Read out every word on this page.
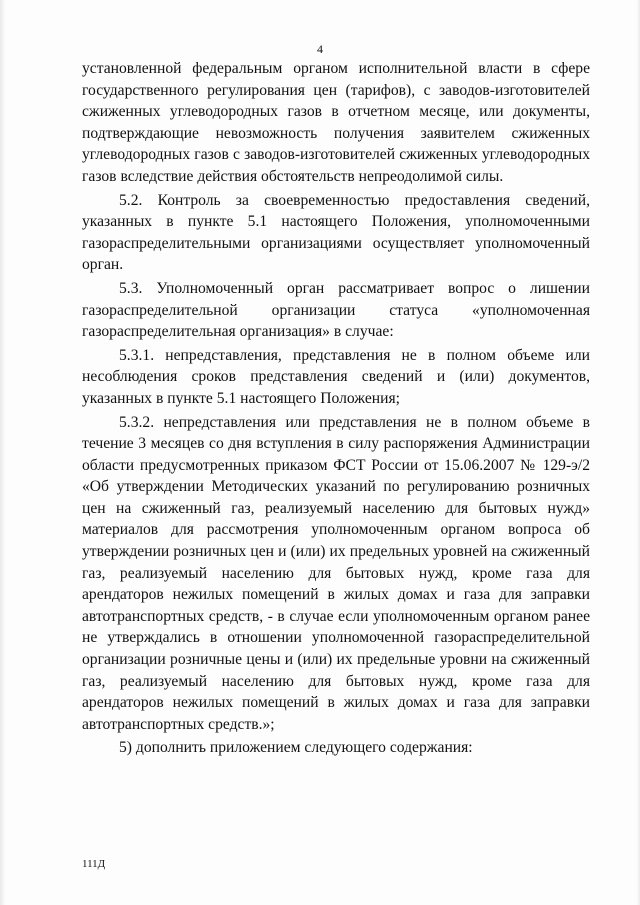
4

установленной федеральным органом исполнительной власти в сфере государственного регулирования цен (тарифов), с заводов-изготовителей сжиженных углеводородных газов в отчетном месяце, или документы, подтверждающие невозможность получения заявителем сжиженных углеводородных газов с заводов-изготовителей сжиженных углеводородных газов вследствие действия обстоятельств непреодолимой силы.

5.2. Контроль за своевременностью предоставления сведений, указанных в пункте 5.1 настоящего Положения, уполномоченными газораспределительными организациями осуществляет уполномоченный орган.

5.3. Уполномоченный орган рассматривает вопрос о лишении газораспределительной организации статуса «уполномоченная газораспределительная организация» в случае:

5.3.1. непредставления, представления не в полном объеме или несоблюдения сроков представления сведений и (или) документов, указанных в пункте 5.1 настоящего Положения;

5.3.2. непредставления или представления не в полном объеме в течение 3 месяцев со дня вступления в силу распоряжения Администрации области предусмотренных приказом ФСТ России от 15.06.2007 № 129-э/2 «Об утверждении Методических указаний по регулированию розничных цен на сжиженный газ, реализуемый населению для бытовых нужд» материалов для рассмотрения уполномоченным органом вопроса об утверждении розничных цен и (или) их предельных уровней на сжиженный газ, реализуемый населению для бытовых нужд, кроме газа для арендаторов нежилых помещений в жилых домах и газа для заправки автотранспортных средств, - в случае если уполномоченным органом ранее не утверждались в отношении уполномоченной газораспределительной организации розничные цены и (или) их предельные уровни на сжиженный газ, реализуемый населению для бытовых нужд, кроме газа для арендаторов нежилых помещений в жилых домах и газа для заправки автотранспортных средств.»;

5) дополнить приложением следующего содержания:

111Д
